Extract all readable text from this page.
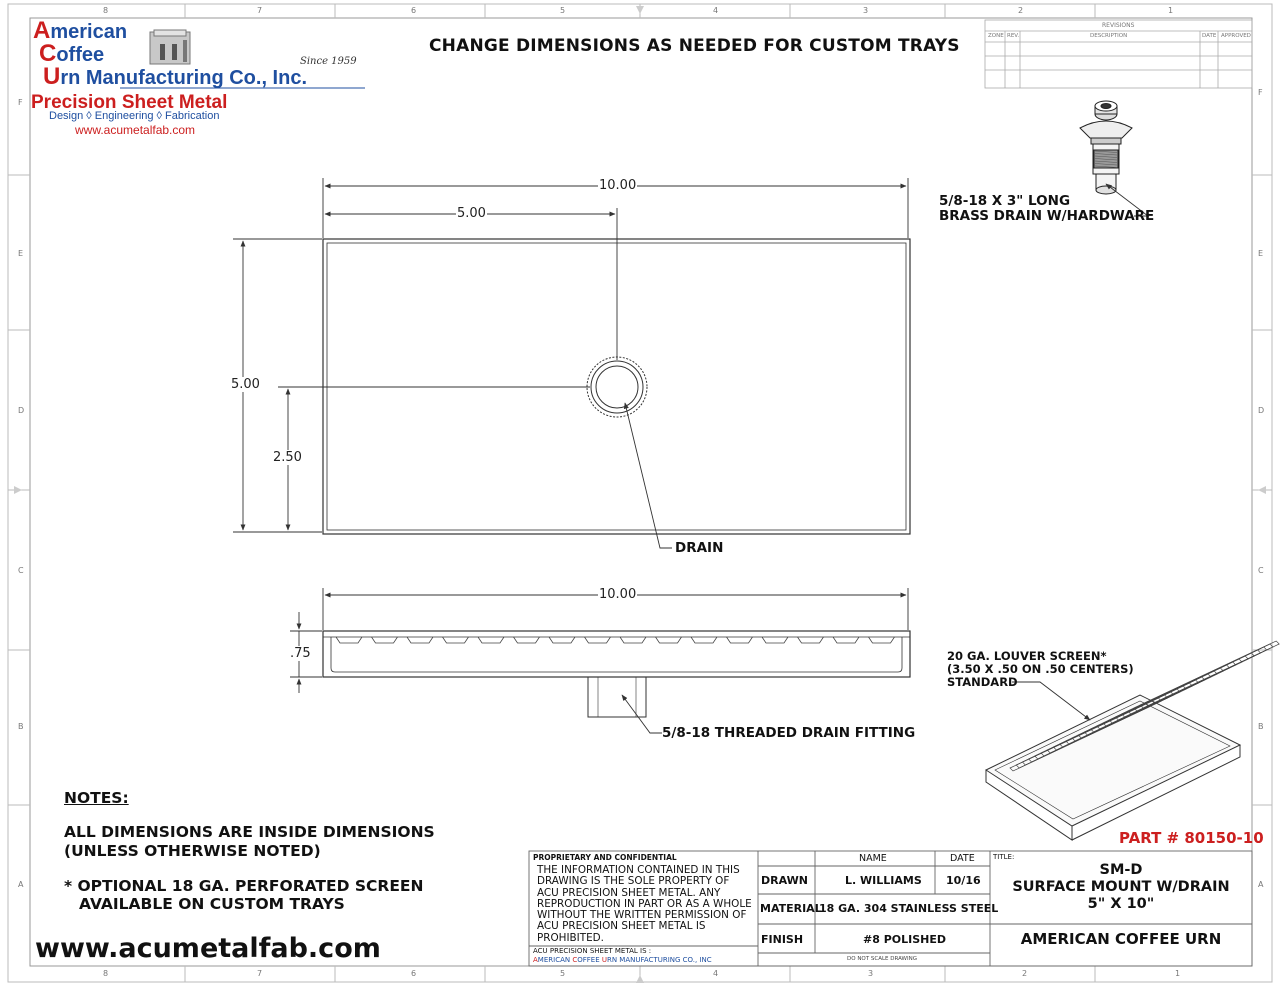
American
Coffee
Urn Manufacturing Co., Inc.
Since 1959
Precision Sheet Metal
Design ◊ Engineering ◊ Fabrication
www.acumetalfab.com
CHANGE DIMENSIONS AS NEEDED FOR CUSTOM TRAYS
REVISIONS
ZONE REV.	DESCRIPTION	DATE APPROVED
8	7	6	5	4	3	2	1
8	7	6	5	4	3	2	1
F
E
D
C
B
A
F
E
D
C
B
A
10.00
5.00
5.00
2.50
DRAIN
10.00
.75
5/8-18 THREADED DRAIN FITTING
5/8-18 X 3" LONG
BRASS DRAIN W/HARDWARE
20 GA. LOUVER SCREEN*
(3.50 X .50 ON .50 CENTERS)
STANDARD
PART # 80150-10
NOTES:
ALL DIMENSIONS ARE INSIDE DIMENSIONS
(UNLESS OTHERWISE NOTED)
* OPTIONAL 18 GA. PERFORATED SCREEN
AVAILABLE ON CUSTOM TRAYS
www.acumetalfab.com
PROPRIETARY AND CONFIDENTIAL
THE INFORMATION CONTAINED IN THIS
DRAWING IS THE SOLE PROPERTY OF
ACU PRECISION SHEET METAL. ANY
REPRODUCTION IN PART OR AS A WHOLE
WITHOUT THE WRITTEN PERMISSION OF
ACU PRECISION SHEET METAL IS
PROHIBITED.
ACU PRECISION SHEET METAL IS :
AMERICAN COFFEE URN MANUFACTURING CO., INC
NAME	DATE
DRAWN	L. WILLIAMS 10/16
MATERIAL
18 GA. 304 STAINLESS STEEL
FINISH	#8 POLISHED
DO NOT SCALE DRAWING
TITLE:
SM-D
SURFACE MOUNT W/DRAIN
5" X 10"
AMERICAN COFFEE URN
